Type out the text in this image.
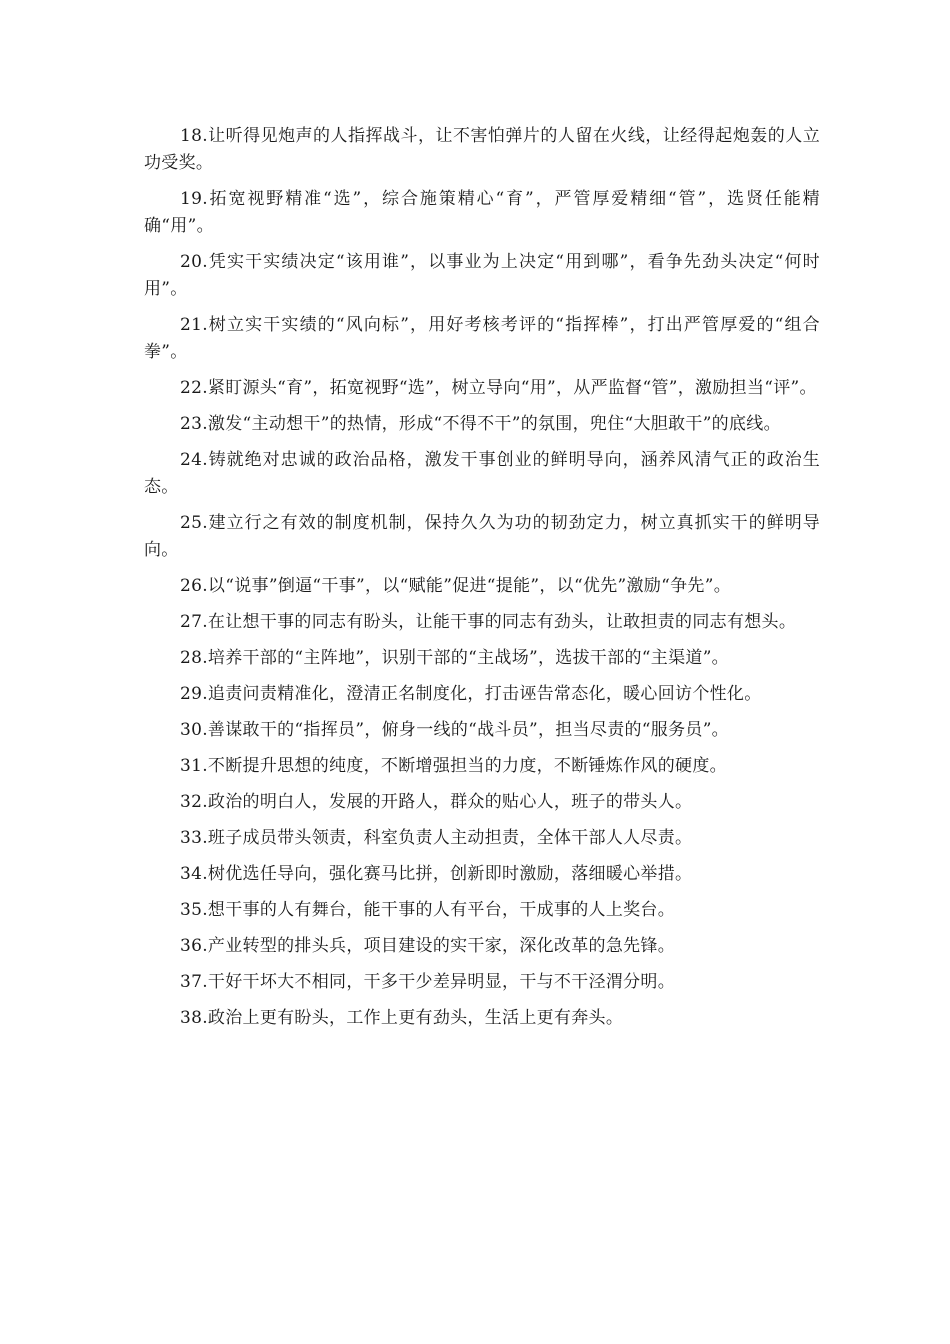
18.让听得见炮声的人指挥战斗，让不害怕弹片的人留在火线，让经得起炮轰的人立功受奖。

19.拓宽视野精准“选”，综合施策精心“育”，严管厚爱精细“管”，选贤任能精确“用”。

20.凭实干实绩决定“该用谁”，以事业为上决定“用到哪”，看争先劲头决定“何时用”。

21.树立实干实绩的“风向标”，用好考核考评的“指挥棒”，打出严管厚爱的“组合拳”。

22.紧盯源头“育”，拓宽视野“选”，树立导向“用”，从严监督“管”，激励担当“评”。

23.激发“主动想干”的热情，形成“不得不干”的氛围，兜住“大胆敢干”的底线。

24.铸就绝对忠诚的政治品格，激发干事创业的鲜明导向，涵养风清气正的政治生态。

25.建立行之有效的制度机制，保持久久为功的韧劲定力，树立真抓实干的鲜明导向。

26.以“说事”倒逼“干事”，以“赋能”促进“提能”，以“优先”激励“争先”。

27.在让想干事的同志有盼头，让能干事的同志有劲头，让敢担责的同志有想头。

28.培养干部的“主阵地”，识别干部的“主战场”，选拔干部的“主渠道”。

29.追责问责精准化，澄清正名制度化，打击诬告常态化，暖心回访个性化。

30.善谋敢干的“指挥员”，俯身一线的“战斗员”，担当尽责的“服务员”。

31.不断提升思想的纯度，不断增强担当的力度，不断锤炼作风的硬度。

32.政治的明白人，发展的开路人，群众的贴心人，班子的带头人。

33.班子成员带头领责，科室负责人主动担责，全体干部人人尽责。

34.树优选任导向，强化赛马比拼，创新即时激励，落细暖心举措。

35.想干事的人有舞台，能干事的人有平台，干成事的人上奖台。

36.产业转型的排头兵，项目建设的实干家，深化改革的急先锋。

37.干好干坏大不相同，干多干少差异明显，干与不干泾渭分明。

38.政治上更有盼头，工作上更有劲头，生活上更有奔头。
